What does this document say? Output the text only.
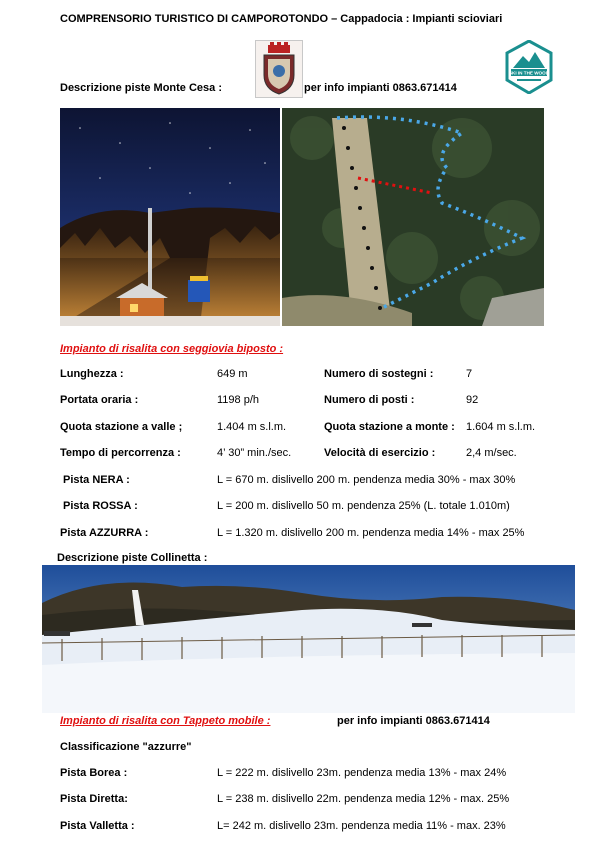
COMPRENSORIO TURISTICO DI CAMPOROTONDO – Cappadocia : Impianti scioviari
Descrizione piste Monte Cesa :	per info impianti 0863.671414
SKI IN THE WOOD
Impianto di risalita con seggiovia biposto :
Lunghezza :	649 m	Numero di sostegni :	7
Portata oraria :	1198 p/h	Numero di posti :	92
Quota stazione a valle ;	1.404 m s.l.m.	Quota stazione a monte : 1.604 m s.l.m.
Tempo di percorrenza :	4’ 30” min./sec.	Velocità di esercizio :	2,4 m/sec.
Pista NERA :	L = 670 m. dislivello 200 m. pendenza media 30% - max 30%
Pista ROSSA :	L = 200 m. dislivello 50 m. pendenza 25% (L. totale 1.010m)
Pista AZZURRA :	L = 1.320 m. dislivello 200 m. pendenza media 14% - max 25%
Descrizione piste Collinetta :
Impianto di risalita con Tappeto mobile :	per info impianti 0863.671414
Classificazione "azzurre"
Pista Borea :	L = 222 m. dislivello 23m. pendenza media 13% - max 24%
Pista Diretta:	L = 238 m. dislivello 22m. pendenza media 12% - max. 25%
Pista Valletta :	L= 242 m. dislivello 23m. pendenza media 11% - max. 23%
